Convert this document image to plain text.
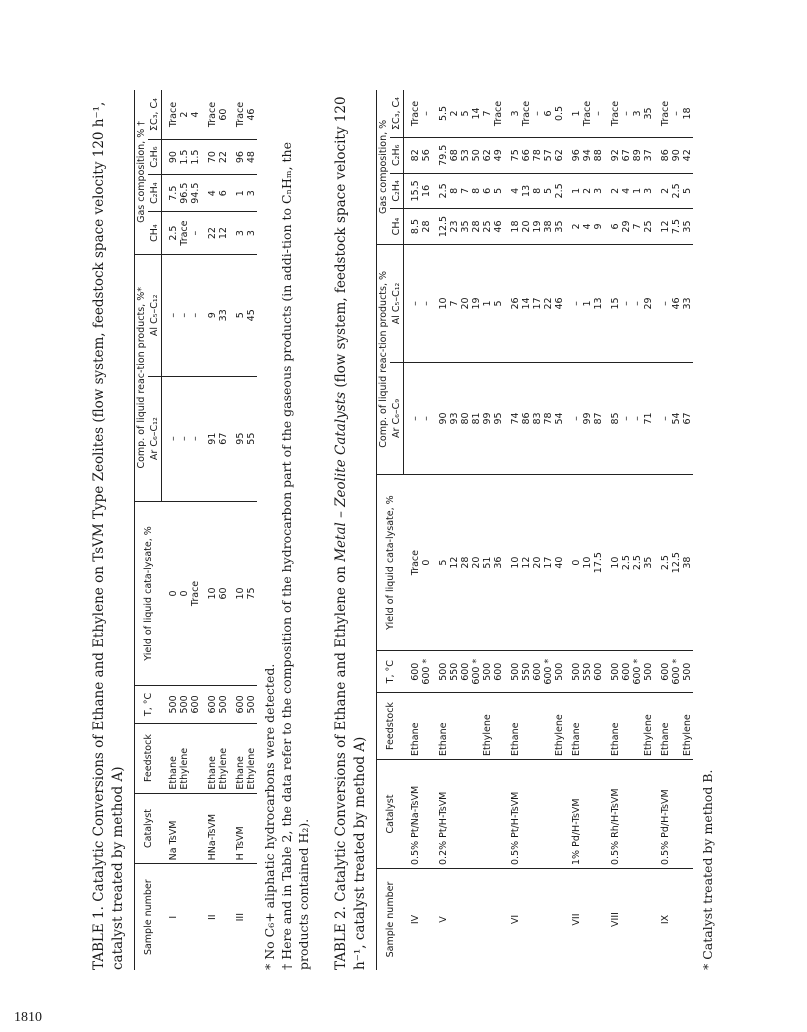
1810

TABLE 1. Catalytic Conversions of Ethane and Ethylene on TsVM Type Zeolites (flow system, feedstock space velocity 120 h⁻¹, catalyst treated by method A) Sample number	Catalyst	Feedstock	T, °C	Yield of liquid cata-lysate, %	Comp. of liquid reac-tion products, %*		Gas composition, % †			
					Ar C₆–C₁₂	Al C₅–C₁₂	CH₄	C₂H₄	C₂H₆	ΣC₃, C₄
I	Na TsVM	Ethane	500	0	–	–	2.5	7.5	90	Trace
		Ethylene	500	0	–	–	Trace	96.5	1.5	2
			600	Trace	–	–	–	94.5	1.5	4
II	HNa-TsVM	Ethane	600	10	91	9	22	4	70	Trace
		Ethylene	500	60	67	33	12	6	22	60
III	H TsVM	Ethane	600	10	95	5	3	1	96	Trace
		Ethylene	500	75	55	45	3	3	48	46

* No C₆+ aliphatic hydrocarbons were detected. † Here and in Table 2, the data refer to the composition of the hydrocarbon part of the gaseous products (in addi-tion to CₙHₘ, the products contained H₂). TABLE 2. Catalytic Conversions of Ethane and Ethylene on Metal – Zeolite Catalysts (flow system, feedstock space velocity 120 h⁻¹, catalyst treated by method A) Sample number	Catalyst	Feedstock	T, °C	Yield of liquid cata-lysate, %	Comp. of liquid reac-tion products, %		Gas composition, %			
					Ar C₆–C₉	Al C₅–C₁₂	CH₄	C₂H₄	C₂H₆	ΣC₃, C₄
IV	0.5% Pt/Na-TsVM	Ethane	600	Trace	–	–	8.5	15.5	82	Trace
			600 *	0	–	–	28	16	56	–
V	0.2% Pt/H-TsVM	Ethane	500	5	90	10	12.5	2.5	79.5	5.5
			550	12	93	7	23	8	68	2
			600	28	80	20	35	7	53	5
			600 *	20	81	19	28	8	50	14
		Ethylene	500	51	99	1	25	6	62	7
			600	36	95	5	46	5	49	Trace
VI	0.5% Pt/H-TsVM	Ethane	500	10	74	26	18	4	75	3
			550	12	86	14	20	13	66	Trace
			600	20	83	17	19	8	78	–
			600 *	17	78	22	38	5	57	6
		Ethylene	500	40	54	46	35	2.5	62	0.5
VII	1% Pd/H-TsVM	Ethane	500	0	–	–	2	1	96	1
			550	10	99	1	4	2	94	Trace
			600	17.5	87	13	9	3	88	–
VIII	0.5% Rh/H-TsVM	Ethane	500	10	85	15	6	2	92	Trace
			600	2.5	–	–	29	4	67	–
			600 *	2.5	–	–	7	1	89	3
		Ethylene	500	35	71	29	25	3	37	35
IX	0.5% Pd/H-TsVM	Ethane	600	2.5	–	–	12	2	86	Trace
			600 *	12.5	54	46	7.5	2.5	90	–
		Ethylene	500	38	67	33	35	5	42	18

* Catalyst treated by method B.
